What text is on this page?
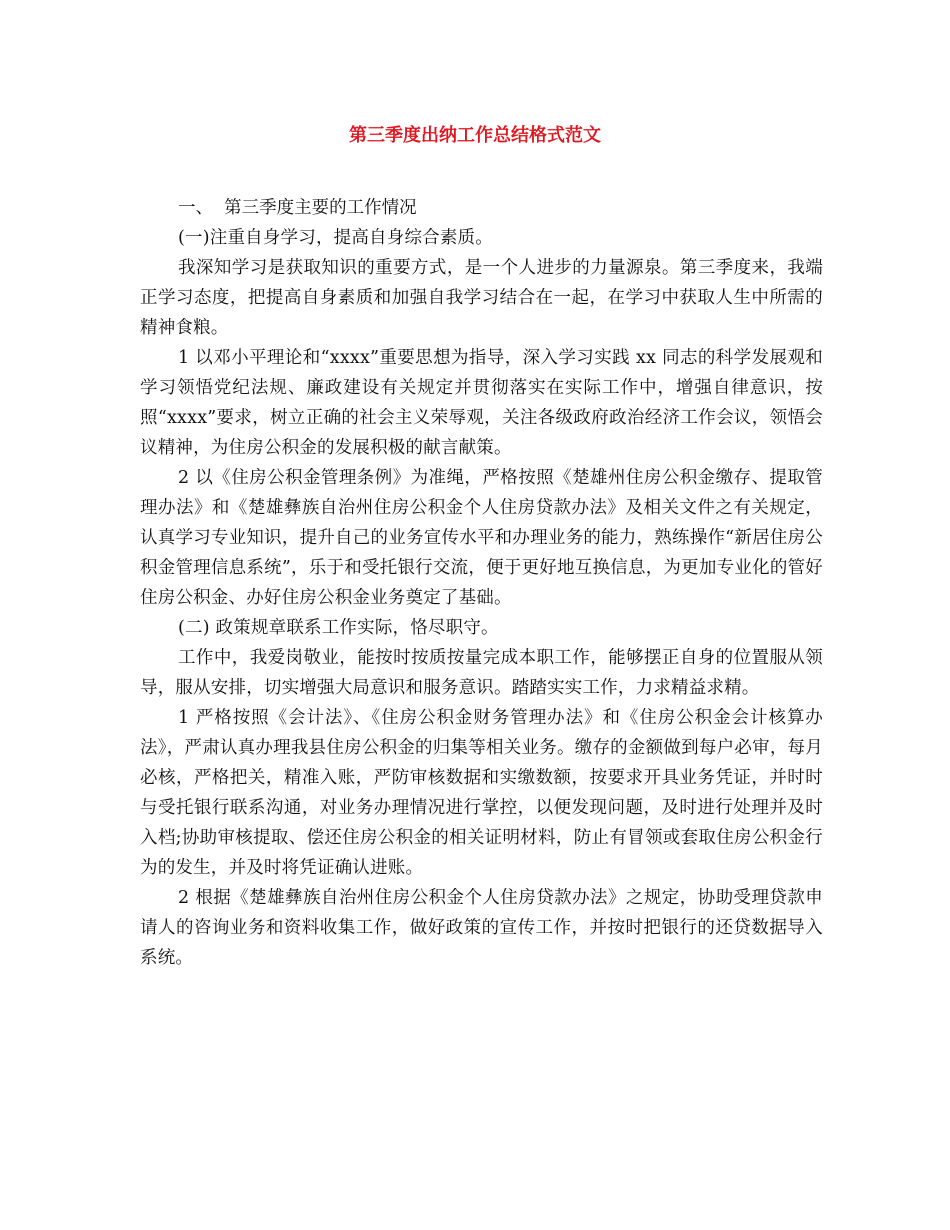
第三季度出纳工作总结格式范文

一、  第三季度主要的工作情况

(一)注重自身学习，提高自身综合素质。

我深知学习是获取知识的重要方式，是一个人进步的力量源泉。第三季度来，我端正学习态度，把提高自身素质和加强自我学习结合在一起，在学习中获取人生中所需的精神食粮。

1 以邓小平理论和“xxxx”重要思想为指导，深入学习实践 xx 同志的科学发展观和学习领悟党纪法规、廉政建设有关规定并贯彻落实在实际工作中，增强自律意识，按照“xxxx”要求，树立正确的社会主义荣辱观，关注各级政府政治经济工作会议，领悟会议精神，为住房公积金的发展积极的献言献策。

2 以《住房公积金管理条例》为准绳，严格按照《楚雄州住房公积金缴存、提取管理办法》和《楚雄彝族自治州住房公积金个人住房贷款办法》及相关文件之有关规定，认真学习专业知识，提升自己的业务宣传水平和办理业务的能力，熟练操作“新居住房公积金管理信息系统”，乐于和受托银行交流，便于更好地互换信息，为更加专业化的管好住房公积金、办好住房公积金业务奠定了基础。

(二) 政策规章联系工作实际，恪尽职守。

工作中，我爱岗敬业，能按时按质按量完成本职工作，能够摆正自身的位置服从领导，服从安排，切实增强大局意识和服务意识。踏踏实实工作，力求精益求精。

1 严格按照《会计法》、《住房公积金财务管理办法》和《住房公积金会计核算办法》，严肃认真办理我县住房公积金的归集等相关业务。缴存的金额做到每户必审，每月必核，严格把关，精准入账，严防审核数据和实缴数额，按要求开具业务凭证，并时时与受托银行联系沟通，对业务办理情况进行掌控，以便发现问题，及时进行处理并及时入档;协助审核提取、偿还住房公积金的相关证明材料，防止有冒领或套取住房公积金行为的发生，并及时将凭证确认进账。

2 根据《楚雄彝族自治州住房公积金个人住房贷款办法》之规定，协助受理贷款申请人的咨询业务和资料收集工作，做好政策的宣传工作，并按时把银行的还贷数据导入系统。
